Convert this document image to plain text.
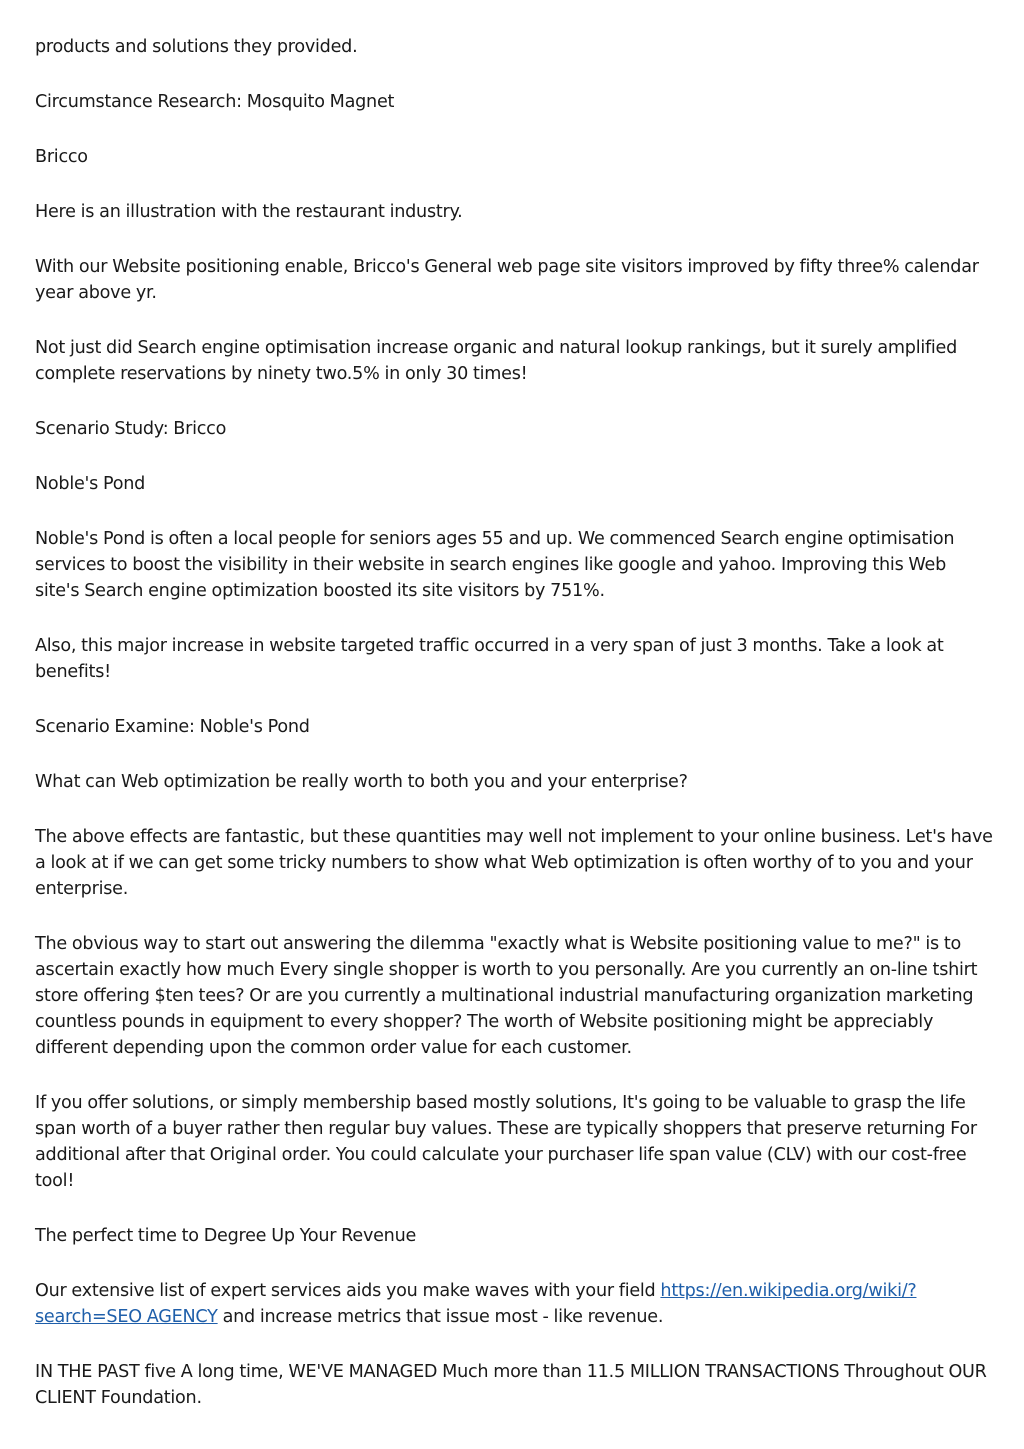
products and solutions they provided.

Circumstance Research: Mosquito Magnet

Bricco

Here is an illustration with the restaurant industry.

With our Website positioning enable, Bricco's General web page site visitors improved by fifty three% calendar year above yr.

Not just did Search engine optimisation increase organic and natural lookup rankings, but it surely amplified complete reservations by ninety two.5% in only 30 times!

Scenario Study: Bricco

Noble's Pond

Noble's Pond is often a local people for seniors ages 55 and up. We commenced Search engine optimisation services to boost the visibility in their website in search engines like google and yahoo. Improving this Web site's Search engine optimization boosted its site visitors by 751%.

Also, this major increase in website targeted traffic occurred in a very span of just 3 months. Take a look at benefits!

Scenario Examine: Noble's Pond

What can Web optimization be really worth to both you and your enterprise?

The above effects are fantastic, but these quantities may well not implement to your online business. Let's have a look at if we can get some tricky numbers to show what Web optimization is often worthy of to you and your enterprise.

The obvious way to start out answering the dilemma "exactly what is Website positioning value to me?" is to ascertain exactly how much Every single shopper is worth to you personally. Are you currently an on-line tshirt store offering $ten tees? Or are you currently a multinational industrial manufacturing organization marketing countless pounds in equipment to every shopper? The worth of Website positioning might be appreciably different depending upon the common order value for each customer.

If you offer solutions, or simply membership based mostly solutions, It's going to be valuable to grasp the life span worth of a buyer rather then regular buy values. These are typically shoppers that preserve returning For additional after that Original order. You could calculate your purchaser life span value (CLV) with our cost-free tool!

The perfect time to Degree Up Your Revenue

Our extensive list of expert services aids you make waves with your field https://en.wikipedia.org/wiki/?search=SEO AGENCY and increase metrics that issue most - like revenue.

IN THE PAST five A long time, WE'VE MANAGED Much more than 11.5 MILLION TRANSACTIONS Throughout OUR CLIENT Foundation.
